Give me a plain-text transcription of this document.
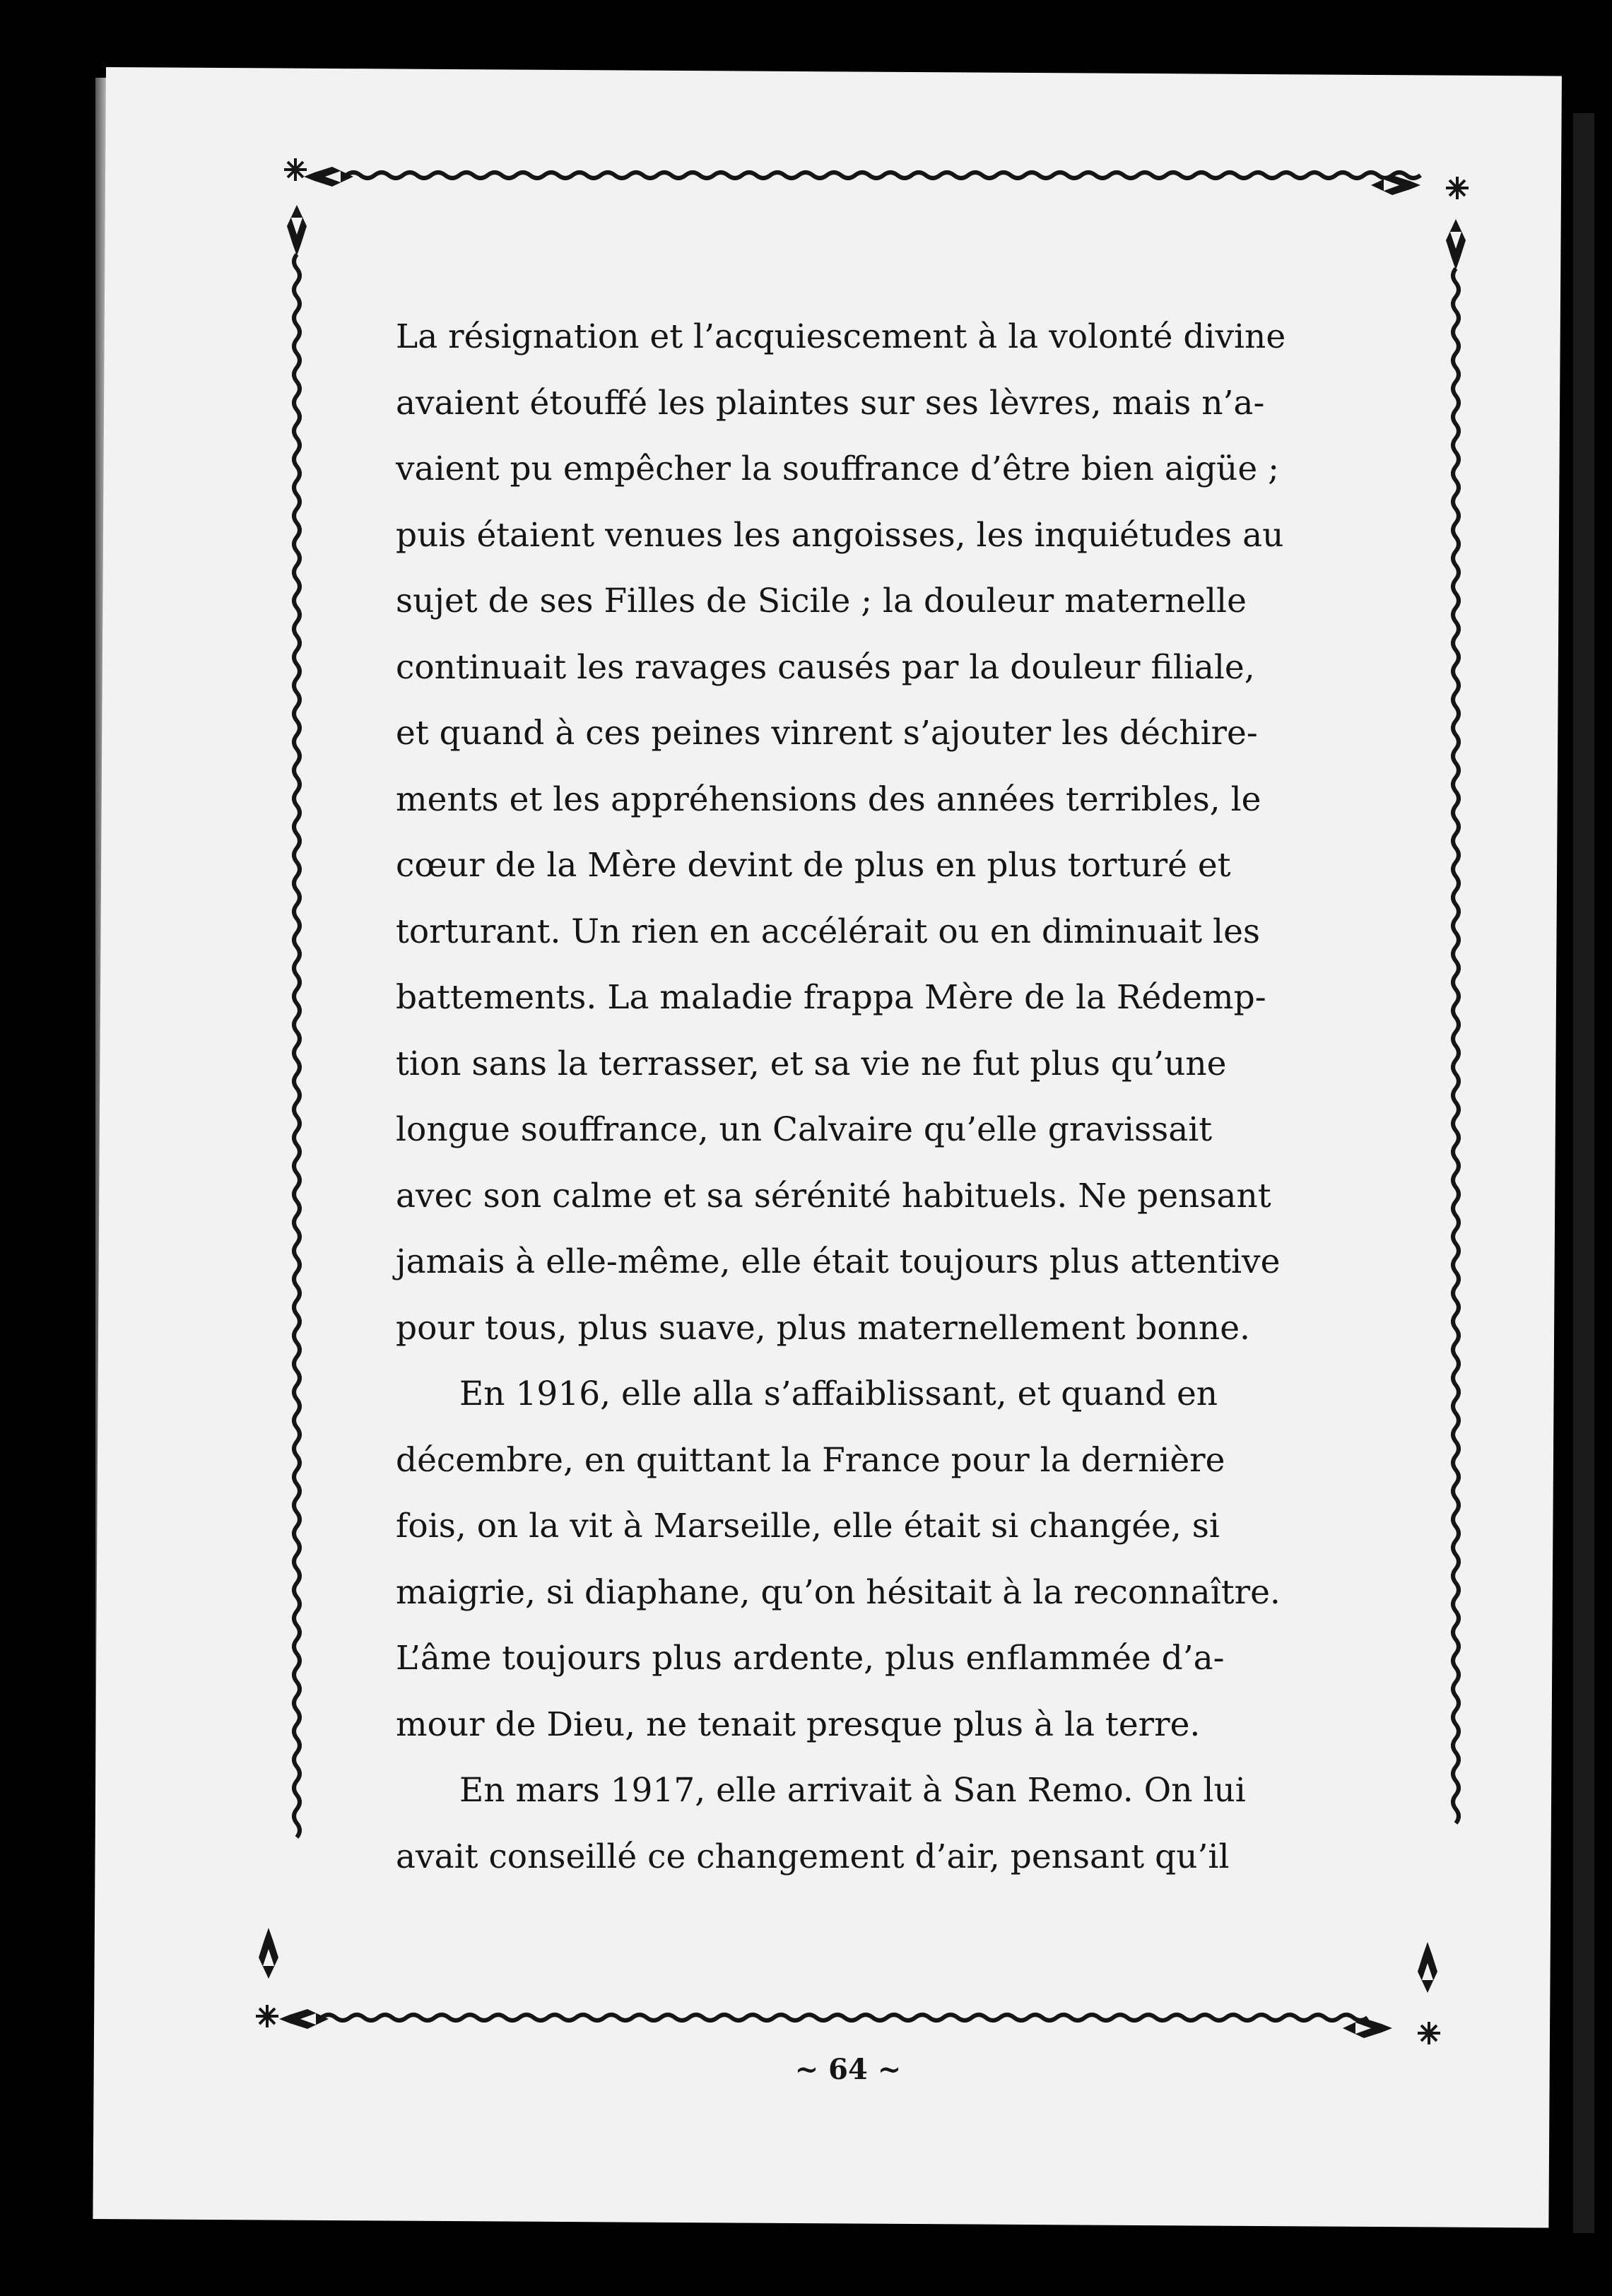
La résignation et l’acquiescement à la volonté divine
avaient étouffé les plaintes sur ses lèvres, mais n’a-
vaient pu empêcher la souffrance d’être bien aigüe ;
puis étaient venues les angoisses, les inquiétudes au
sujet de ses Filles de Sicile ; la douleur maternelle
continuait les ravages causés par la douleur filiale,
et quand à ces peines vinrent s’ajouter les déchire-
ments et les appréhensions des années terribles, le
cœur de la Mère devint de plus en plus torturé et
torturant. Un rien en accélérait ou en diminuait les
battements. La maladie frappa Mère de la Rédemp-
tion sans la terrasser, et sa vie ne fut plus qu’une
longue souffrance, un Calvaire qu’elle gravissait
avec son calme et sa sérénité habituels. Ne pensant
jamais à elle-même, elle était toujours plus attentive
pour tous, plus suave, plus maternellement bonne.

En 1916, elle alla s’affaiblissant, et quand en
décembre, en quittant la France pour la dernière
fois, on la vit à Marseille, elle était si changée, si
maigrie, si diaphane, qu’on hésitait à la reconnaître.
L’âme toujours plus ardente, plus enflammée d’a-
mour de Dieu, ne tenait presque plus à la terre.

En mars 1917, elle arrivait à San Remo. On lui
avait conseillé ce changement d’air, pensant qu’il

~ 64 ~
